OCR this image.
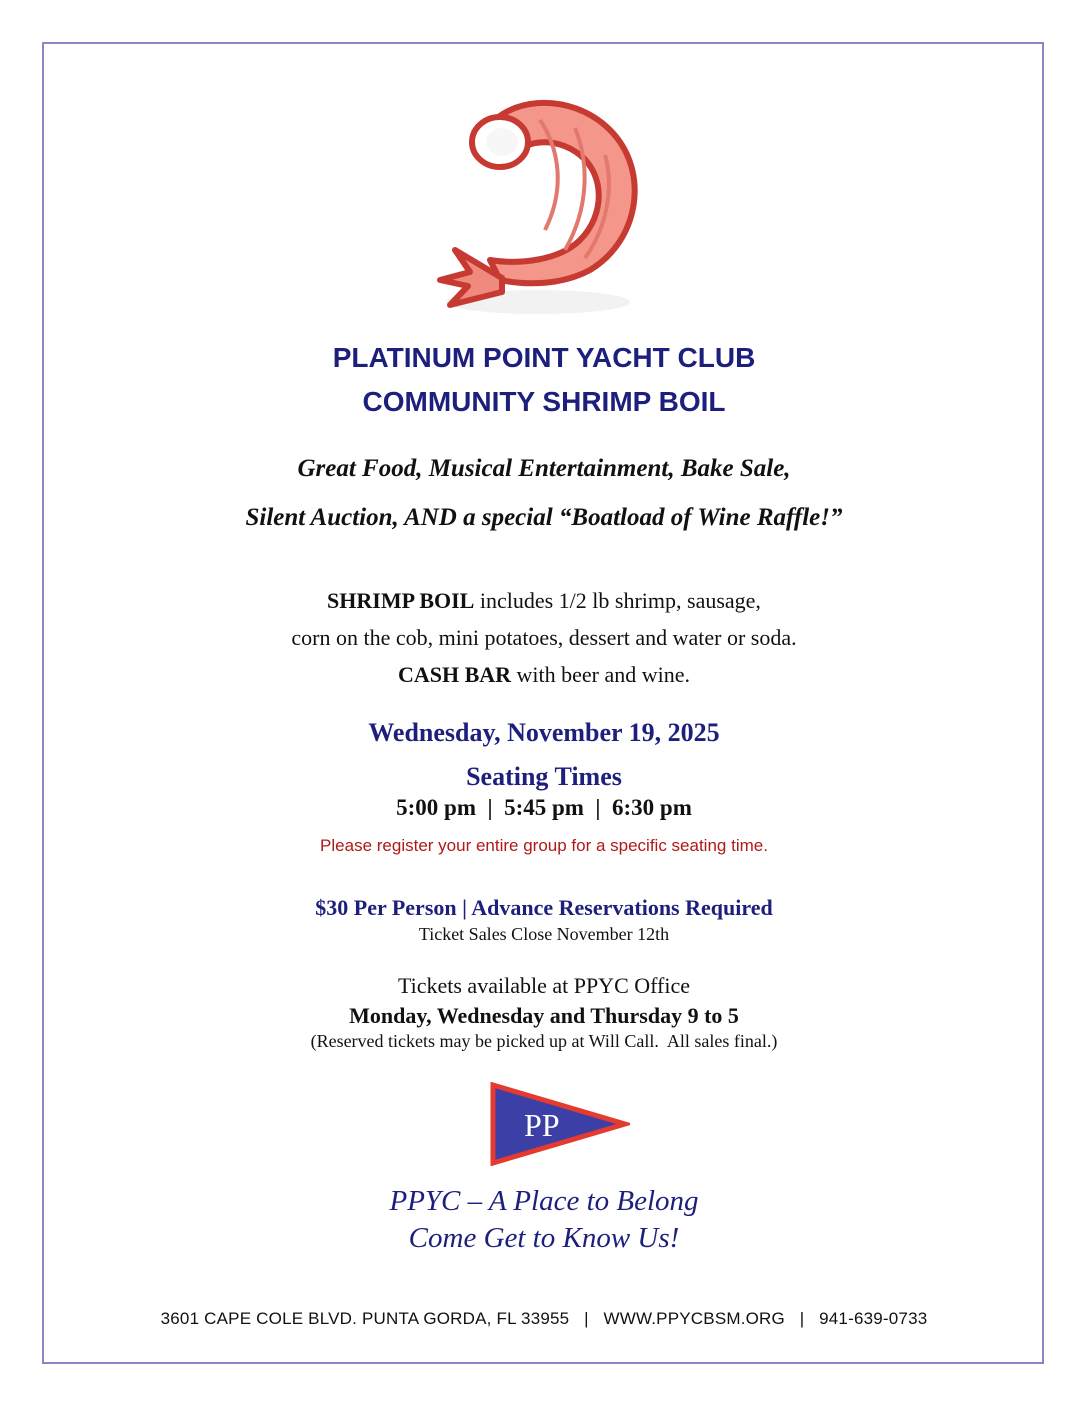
PLATINUM POINT YACHT CLUB
COMMUNITY SHRIMP BOIL
Great Food, Musical Entertainment, Bake Sale,
Silent Auction, AND a special “Boatload of Wine Raffle!”
SHRIMP BOIL includes 1/2 lb shrimp, sausage,
corn on the cob, mini potatoes, dessert and water or soda.
CASH BAR with beer and wine.
Wednesday, November 19, 2025
Seating Times
5:00 pm  |  5:45 pm  |  6:30 pm
Please register your entire group for a specific seating time.
$30 Per Person | Advance Reservations Required
Ticket Sales Close November 12th
Tickets available at PPYC Office
Monday, Wednesday and Thursday 9 to 5
(Reserved tickets may be picked up at Will Call.  All sales final.)
PP
PPYC – A Place to Belong
Come Get to Know Us!
3601 CAPE COLE BLVD. PUNTA GORDA, FL 33955   |   WWW.PPYCBSM.ORG   |   941-639-0733
